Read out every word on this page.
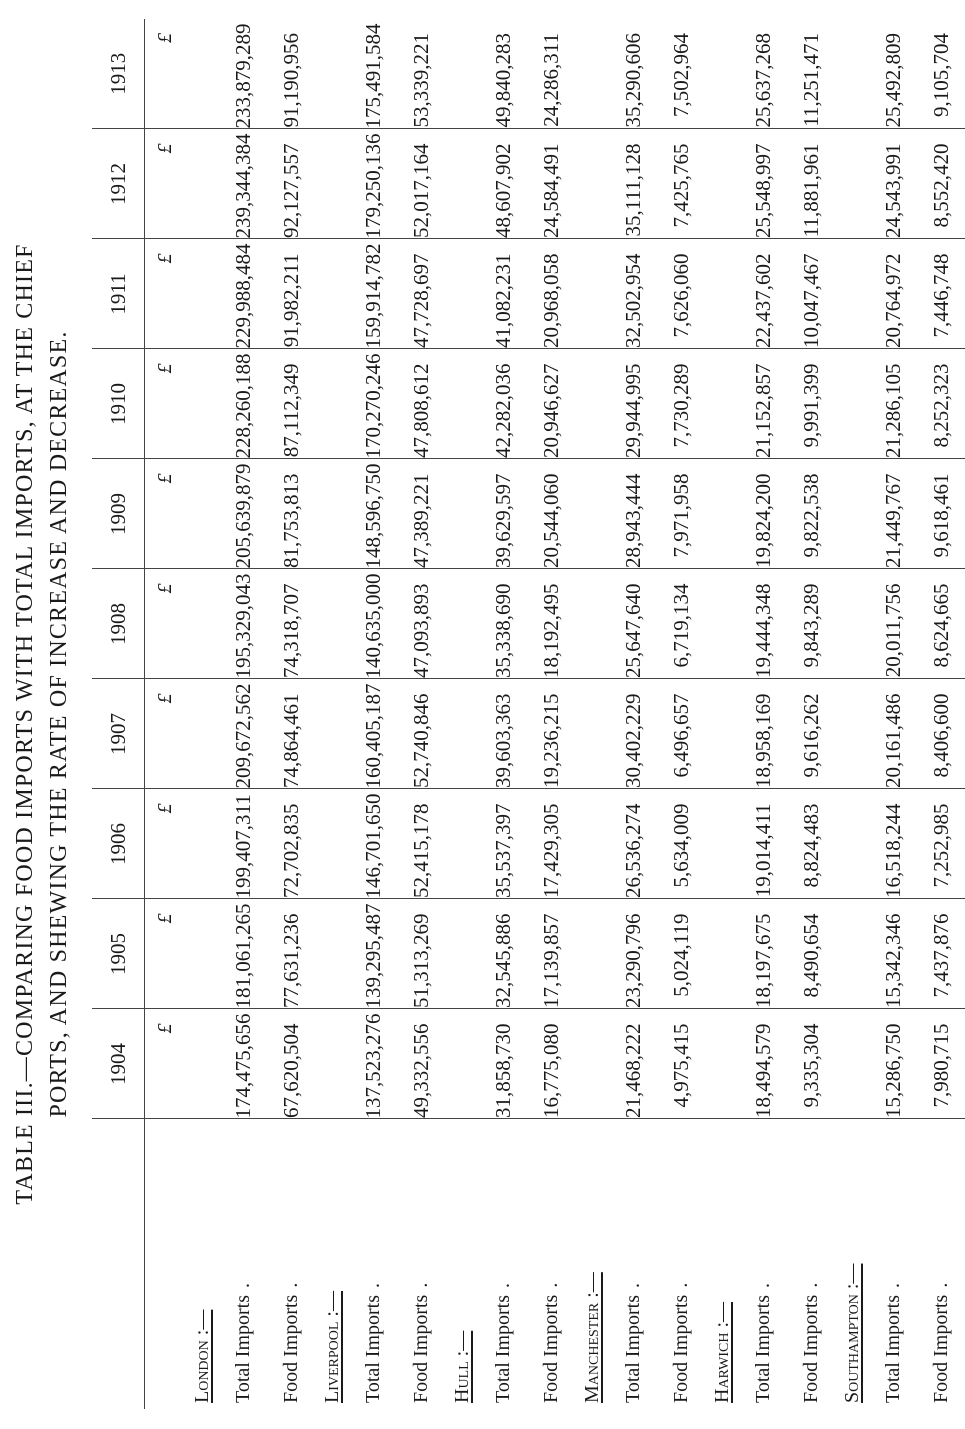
TABLE III.—COMPARING FOOD IMPORTS WITH TOTAL IMPORTS, AT THE CHIEF PORTS, AND SHEWING THE RATE OF INCREASE AND DECREASE.
	1904	1905	1906	1907	1908	1909	1910	1911	1912	1913
	£	£	£	£	£	£	£	£	£	£
London :—										
Total Imports .	174,475,656	181,061,265	199,407,311	209,672,562	195,329,043	205,639,879	228,260,188	229,988,484	239,344,384	233,879,289
Food Imports .	67,620,504	77,631,236	72,702,835	74,864,461	74,318,707	81,753,813	87,112,349	91,982,211	92,127,557	91,190,956
Liverpool :—										
Total Imports .	137,523,276	139,295,487	146,701,650	160,405,187	140,635,000	148,596,750	170,270,246	159,914,782	179,250,136	175,491,584
Food Imports .	49,332,556	51,313,269	52,415,178	52,740,846	47,093,893	47,389,221	47,808,612	47,728,697	52,017,164	53,339,221
Hull :—										
Total Imports .	31,858,730	32,545,886	35,537,397	39,603,363	35,338,690	39,629,597	42,282,036	41,082,231	48,607,902	49,840,283
Food Imports .	16,775,080	17,139,857	17,429,305	19,236,215	18,192,495	20,544,060	20,946,627	20,968,058	24,584,491	24,286,311
Manchester :—										
Total Imports .	21,468,222	23,290,796	26,536,274	30,402,229	25,647,640	28,943,444	29,944,995	32,502,954	35,111,128	35,290,606
Food Imports .	4,975,415	5,024,119	5,634,009	6,496,657	6,719,134	7,971,958	7,730,289	7,626,060	7,425,765	7,502,964
Harwich :—										
Total Imports .	18,494,579	18,197,675	19,014,411	18,958,169	19,444,348	19,824,200	21,152,857	22,437,602	25,548,997	25,637,268
Food Imports .	9,335,304	8,490,654	8,824,483	9,616,262	9,843,289	9,822,538	9,991,399	10,047,467	11,881,961	11,251,471
Southampton :—										
Total Imports .	15,286,750	15,342,346	16,518,244	20,161,486	20,011,756	21,449,767	21,286,105	20,764,972	24,543,991	25,492,809
Food Imports .	7,980,715	7,437,876	7,252,985	8,406,600	8,624,665	9,618,461	8,252,323	7,446,748	8,552,420	9,105,704
